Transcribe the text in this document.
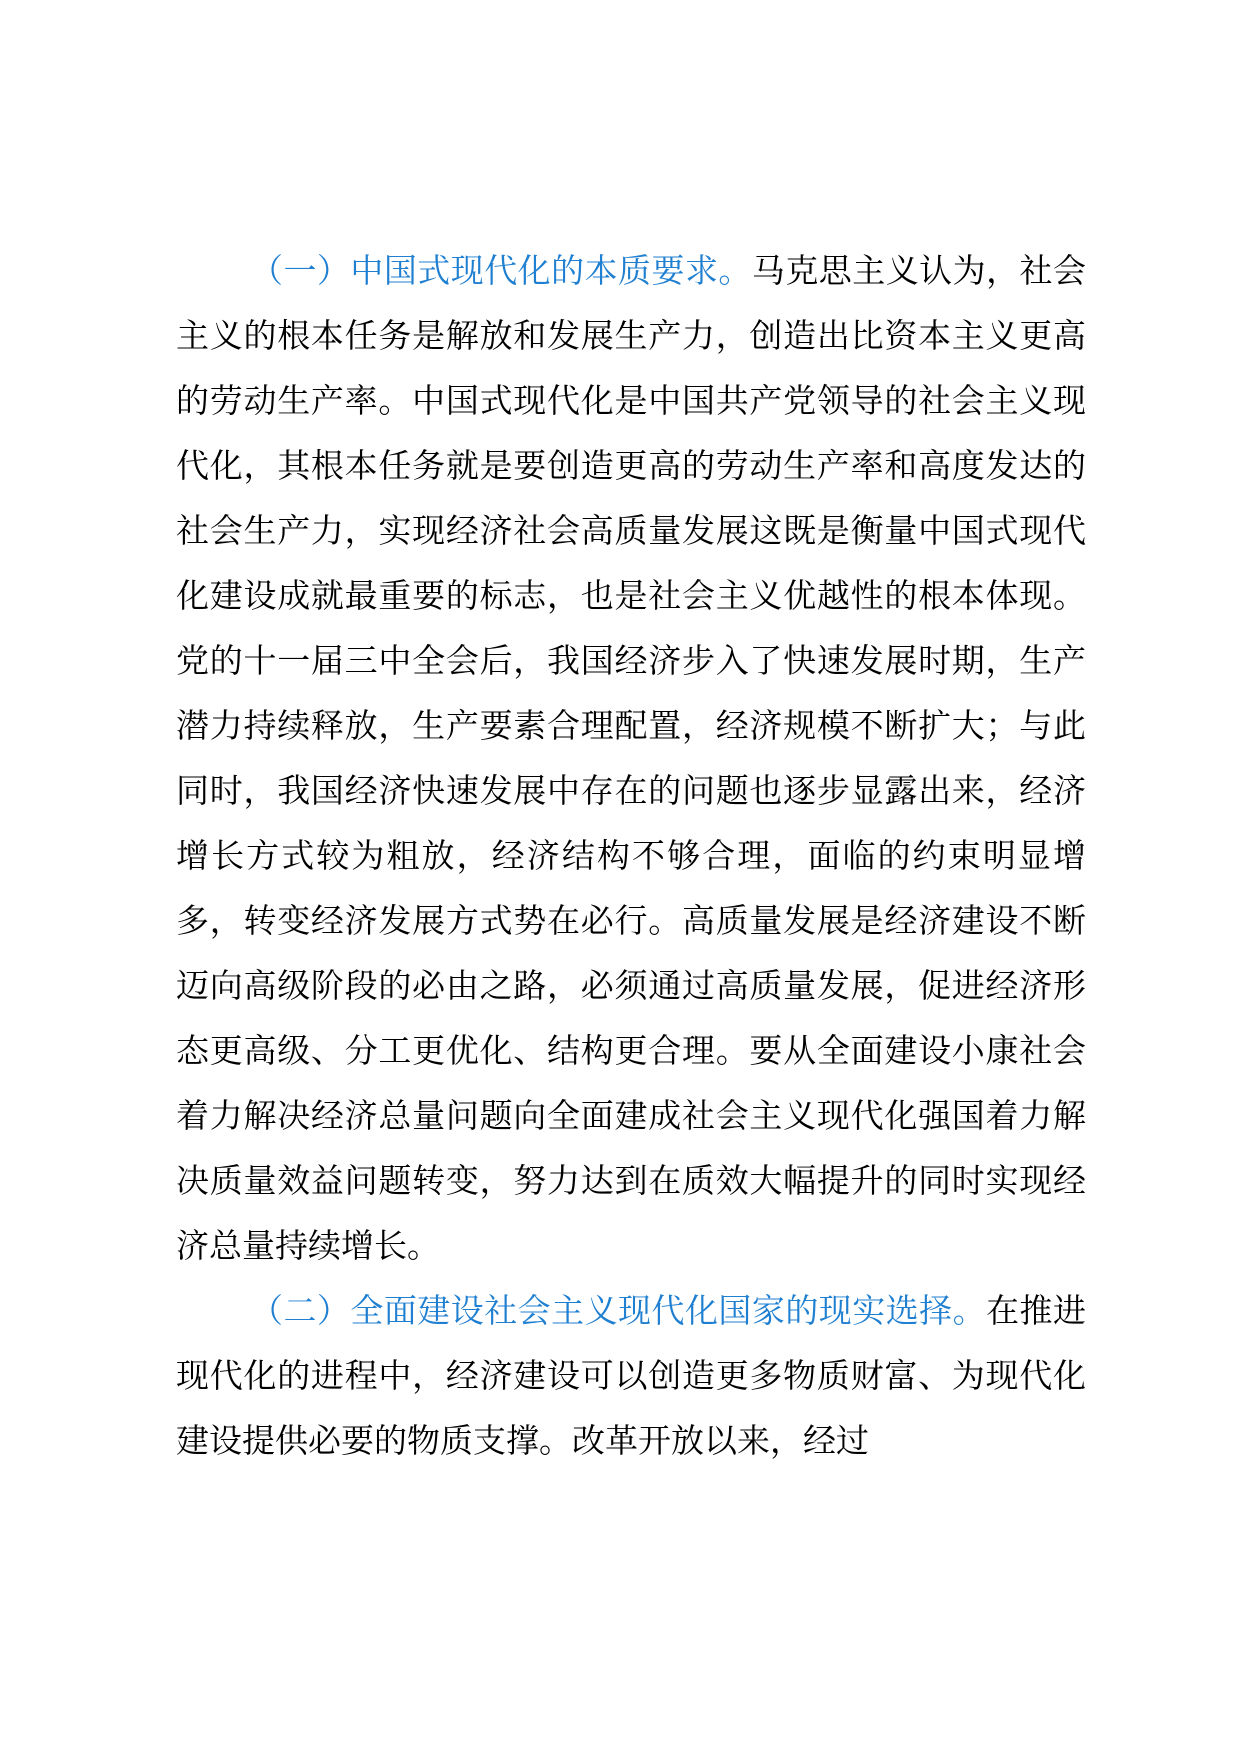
（一）中国式现代化的本质要求。马克思主义认为，社会主义的根本任务是解放和发展生产力，创造出比资本主义更高的劳动生产率。中国式现代化是中国共产党领导的社会主义现代化，其根本任务就是要创造更高的劳动生产率和高度发达的社会生产力，实现经济社会高质量发展这既是衡量中国式现代化建设成就最重要的标志，也是社会主义优越性的根本体现。党的十一届三中全会后，我国经济步入了快速发展时期，生产潜力持续释放，生产要素合理配置，经济规模不断扩大；与此同时，我国经济快速发展中存在的问题也逐步显露出来，经济增长方式较为粗放，经济结构不够合理，面临的约束明显增多，转变经济发展方式势在必行。高质量发展是经济建设不断迈向高级阶段的必由之路，必须通过高质量发展，促进经济形态更高级、分工更优化、结构更合理。要从全面建设小康社会着力解决经济总量问题向全面建成社会主义现代化强国着力解决质量效益问题转变，努力达到在质效大幅提升的同时实现经济总量持续增长。

（二）全面建设社会主义现代化国家的现实选择。在推进现代化的进程中，经济建设可以创造更多物质财富、为现代化建设提供必要的物质支撑。改革开放以来，经过
